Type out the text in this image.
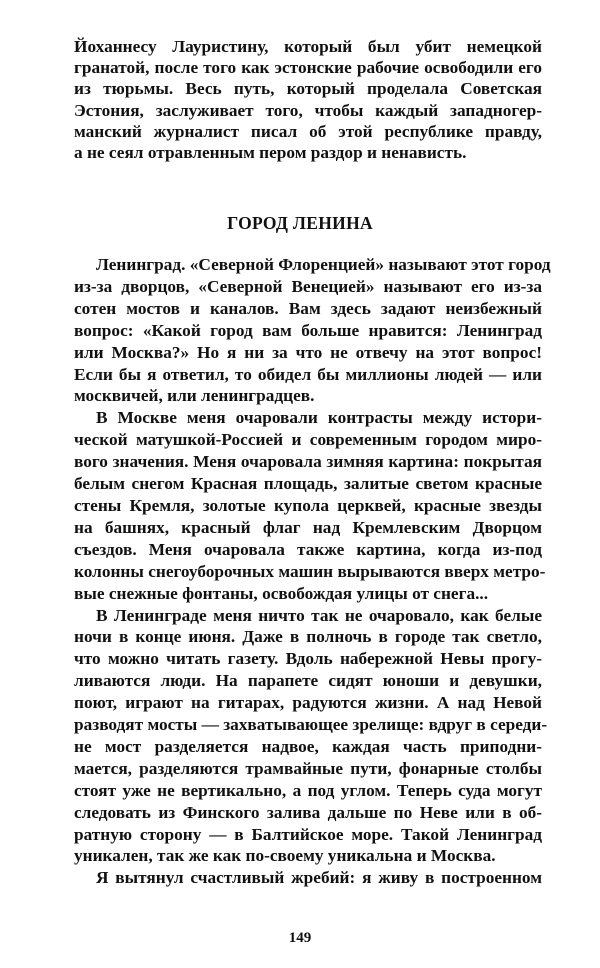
Йоханнесу Лауристину, который был убит немецкой
гранатой, после того как эстонские рабочие освободили его
из тюрьмы. Весь путь, который проделала Советская
Эстония, заслуживает того, чтобы каждый западногер-
манский журналист писал об этой республике правду,
а не сеял отравленным пером раздор и ненависть.
ГОРОД ЛЕНИНА
Ленинград. «Северной Флоренцией» называют этот город
из-за дворцов, «Северной Венецией» называют его из-за
сотен мостов и каналов. Вам здесь задают неизбежный
вопрос: «Какой город вам больше нравится: Ленинград
или Москва?» Но я ни за что не отвечу на этот вопрос!
Если бы я ответил, то обидел бы миллионы людей — или
москвичей, или ленинградцев.
В Москве меня очаровали контрасты между истори-
ческой матушкой-Россией и современным городом миро-
вого значения. Меня очаровала зимняя картина: покрытая
белым снегом Красная площадь, залитые светом красные
стены Кремля, золотые купола церквей, красные звезды
на башнях, красный флаг над Кремлевским Дворцом
съездов. Меня очаровала также картина, когда из-под
колонны снегоуборочных машин вырываются вверх метро-
вые снежные фонтаны, освобождая улицы от снега...
В Ленинграде меня ничто так не очаровало, как белые
ночи в конце июня. Даже в полночь в городе так светло,
что можно читать газету. Вдоль набережной Невы прогу-
ливаются люди. На парапете сидят юноши и девушки,
поют, играют на гитарах, радуются жизни. А над Невой
разводят мосты — захватывающее зрелище: вдруг в середи-
не мост разделяется надвое, каждая часть приподни-
мается, разделяются трамвайные пути, фонарные столбы
стоят уже не вертикально, а под углом. Теперь суда могут
следовать из Финского залива дальше по Неве или в об-
ратную сторону — в Балтийское море. Такой Ленинград
уникален, так же как по-своему уникальна и Москва.
Я вытянул счастливый жребий: я живу в построенном
149
